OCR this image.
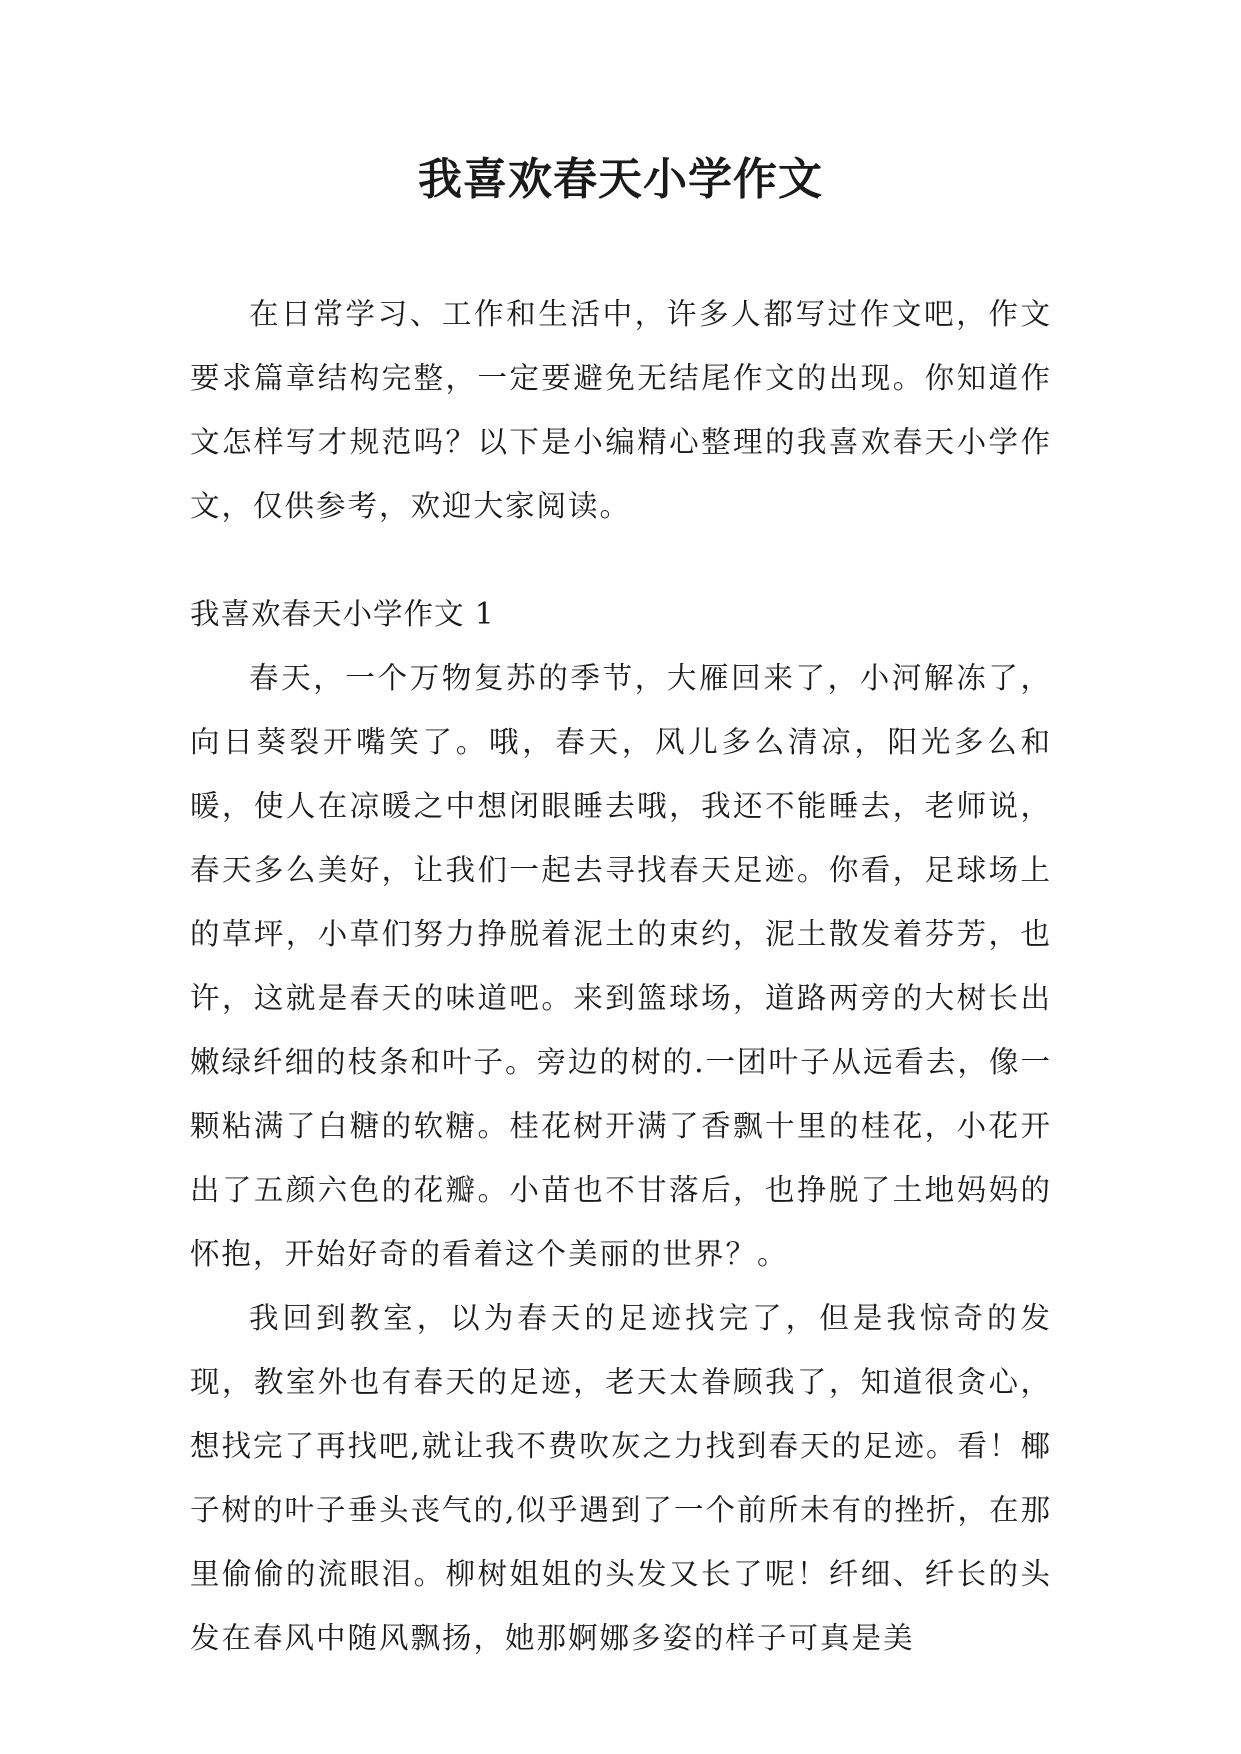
我喜欢春天小学作文

在日常学习、工作和生活中，许多人都写过作文吧，作文要求篇章结构完整，一定要避免无结尾作文的出现。你知道作文怎样写才规范吗？以下是小编精心整理的我喜欢春天小学作文，仅供参考，欢迎大家阅读。

我喜欢春天小学作文 1

春天，一个万物复苏的季节，大雁回来了，小河解冻了，向日葵裂开嘴笑了。哦，春天，风儿多么清凉，阳光多么和暖，使人在凉暖之中想闭眼睡去哦，我还不能睡去，老师说，春天多么美好，让我们一起去寻找春天足迹。你看，足球场上的草坪，小草们努力挣脱着泥土的束约，泥土散发着芬芳，也许，这就是春天的味道吧。来到篮球场，道路两旁的大树长出嫩绿纤细的枝条和叶子。旁边的树的.一团叶子从远看去，像一颗粘满了白糖的软糖。桂花树开满了香飘十里的桂花，小花开出了五颜六色的花瓣。小苗也不甘落后，也挣脱了土地妈妈的怀抱，开始好奇的看着这个美丽的世界？。

我回到教室，以为春天的足迹找完了，但是我惊奇的发现，教室外也有春天的足迹，老天太眷顾我了，知道很贪心，想找完了再找吧,就让我不费吹灰之力找到春天的足迹。看！椰子树的叶子垂头丧气的,似乎遇到了一个前所未有的挫折，在那里偷偷的流眼泪。柳树姐姐的头发又长了呢！纤细、纤长的头发在春风中随风飘扬，她那婀娜多姿的样子可真是美
